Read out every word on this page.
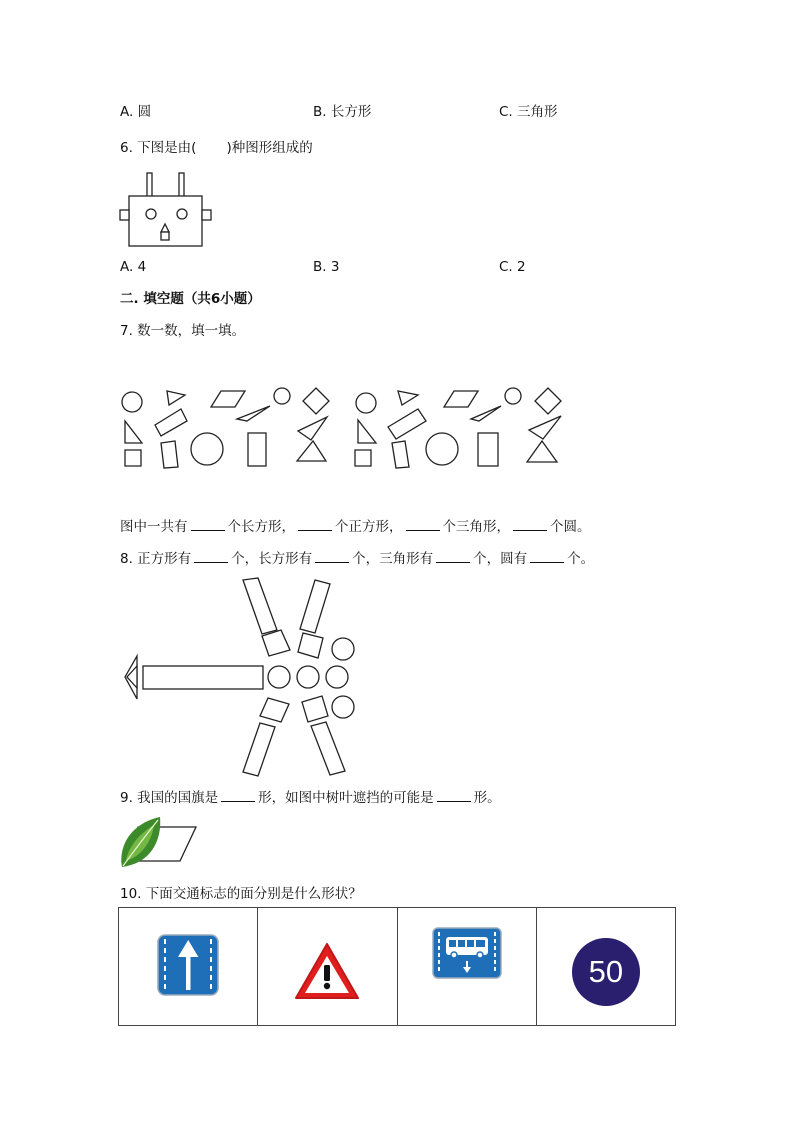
A. 圆	B. 长方形	C. 三角形
6. 下图是由( )种图形组成的
A. 4	B. 3	C. 2
二. 填空题（共6小题）
7. 数一数，填一填。
图中一共有	个长方形，	个正方形，	个三角形，	个圆。
8. 正方形有	个，长方形有	个，三角形有	个，圆有	个。
9. 我国的国旗是	形，如图中树叶遮挡的可能是	形。
10. 下面交通标志的面分别是什么形状？

50
